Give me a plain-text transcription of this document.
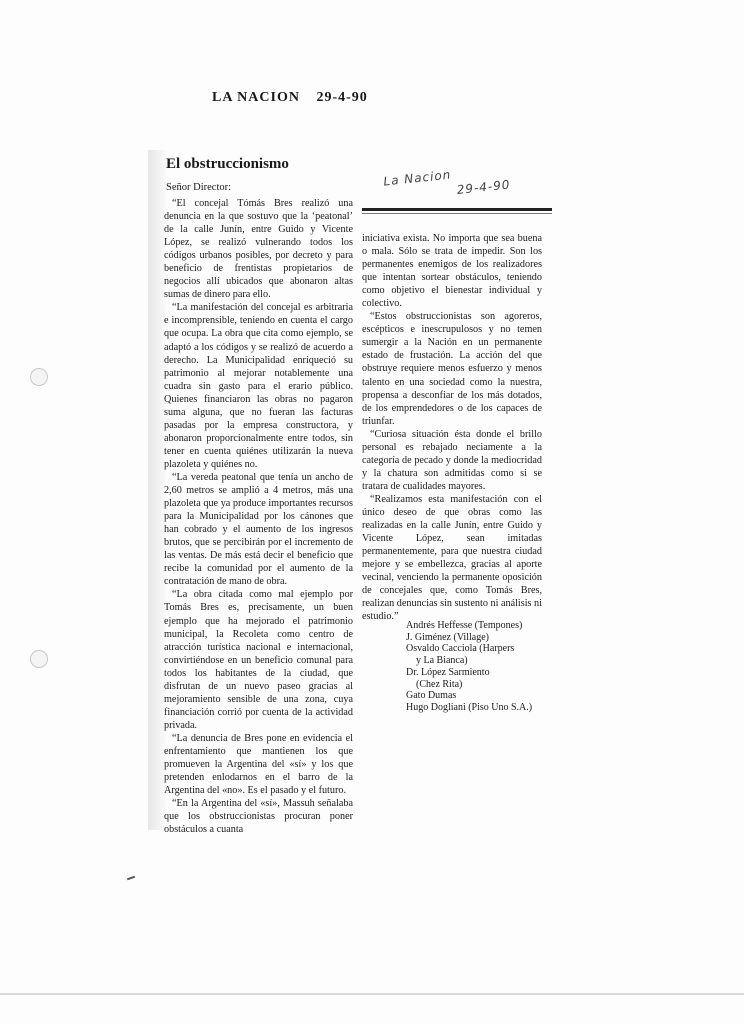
LA NACION 29-4-90
El obstruccionismo
Señor Director:	La Nacion 29-4-90

“El concejal Tómás Bres realizó una denuncia en la que sostuvo que la ‘peatonal’ de la calle Junín, entre Guido y Vicente López, se realizó vulnerando todos los códigos urbanos posibles, por decreto y para beneficio de frentistas propietarios de negocios allí ubicados que abonaron altas sumas de dinero para ello.

“La manifestación del concejal es arbitraria e incomprensible, teniendo en cuenta el cargo que ocupa. La obra que cita como ejemplo, se adaptó a los códigos y se realizó de acuerdo a derecho. La Municipalidad enriqueció su patrimonio al mejorar notablemente una cuadra sin gasto para el erario público. Quienes financiaron las obras no pagaron suma alguna, que no fueran las facturas pasadas por la empresa constructora, y abonaron proporcionalmente entre todos, sin tener en cuenta quiénes utilizarán la nueva plazoleta y quiénes no.

“La vereda peatonal que tenía un ancho de 2,60 metros se amplió a 4 metros, más una plazoleta que ya produce importantes recursos para la Municipalidad por los cánones que han cobrado y el aumento de los ingresos brutos, que se percibirán por el incremento de las ventas. De más está decir el beneficio que recibe la comunidad por el aumento de la contratación de mano de obra.

“La obra citada como mal ejemplo por Tomás Bres es, precisamente, un buen ejemplo que ha mejorado el patrimonio municipal, la Recoleta como centro de atracción turística nacional e internacional, convirtiéndose en un beneficio comunal para todos los habitantes de la ciudad, que disfrutan de un nuevo paseo gracias al mejoramiento sensible de una zona, cuya financiación corrió por cuenta de la actividad privada.

“La denuncia de Bres pone en evidencia el enfrentamiento que mantienen los que promueven la Argentina del «sí» y los que pretenden enlodarnos en el barro de la Argentina del «no». Es el pasado y el futuro.

“En la Argentina del «sí», Massuh señalaba que los obstruccionistas procuran poner obstáculos a cuanta

iniciativa exista. No importa que sea buena o mala. Sólo se trata de impedir. Son los permanentes enemigos de los realizadores que intentan sortear obstáculos, teniendo como objetivo el bienestar individual y colectivo.

“Estos obstruccionistas son agoreros, escépticos e inescrupulosos y no temen sumergir a la Nación en un permanente estado de frustación. La acción del que obstruye requiere menos esfuerzo y menos talento en una sociedad como la nuestra, propensa a desconfiar de los más dotados, de los emprendedores o de los capaces de triunfar.

“Curiosa situación ésta donde el brillo personal es rebajado neciamente a la categoría de pecado y donde la mediocridad y la chatura son admitidas como si se tratara de cualidades mayores.

“Realizamos esta manifestación con el único deseo de que obras como las realizadas en la calle Junín, entre Guido y Vicente López, sean imitadas permanentemente, para que nuestra ciudad mejore y se embellezca, gracias al aporte vecinal, venciendo la permanente oposición de concejales que, como Tomás Bres, realizan denuncias sin sustento ni análisis ni estudio.”

Andrés Heffesse (Tempones)
J. Giménez (Village)
Osvaldo Cacciola (Harpers
y La Bianca)
Dr. López Sarmiento
(Chez Rita)
Gato Dumas
Hugo Dogliani (Piso Uno S.A.)
